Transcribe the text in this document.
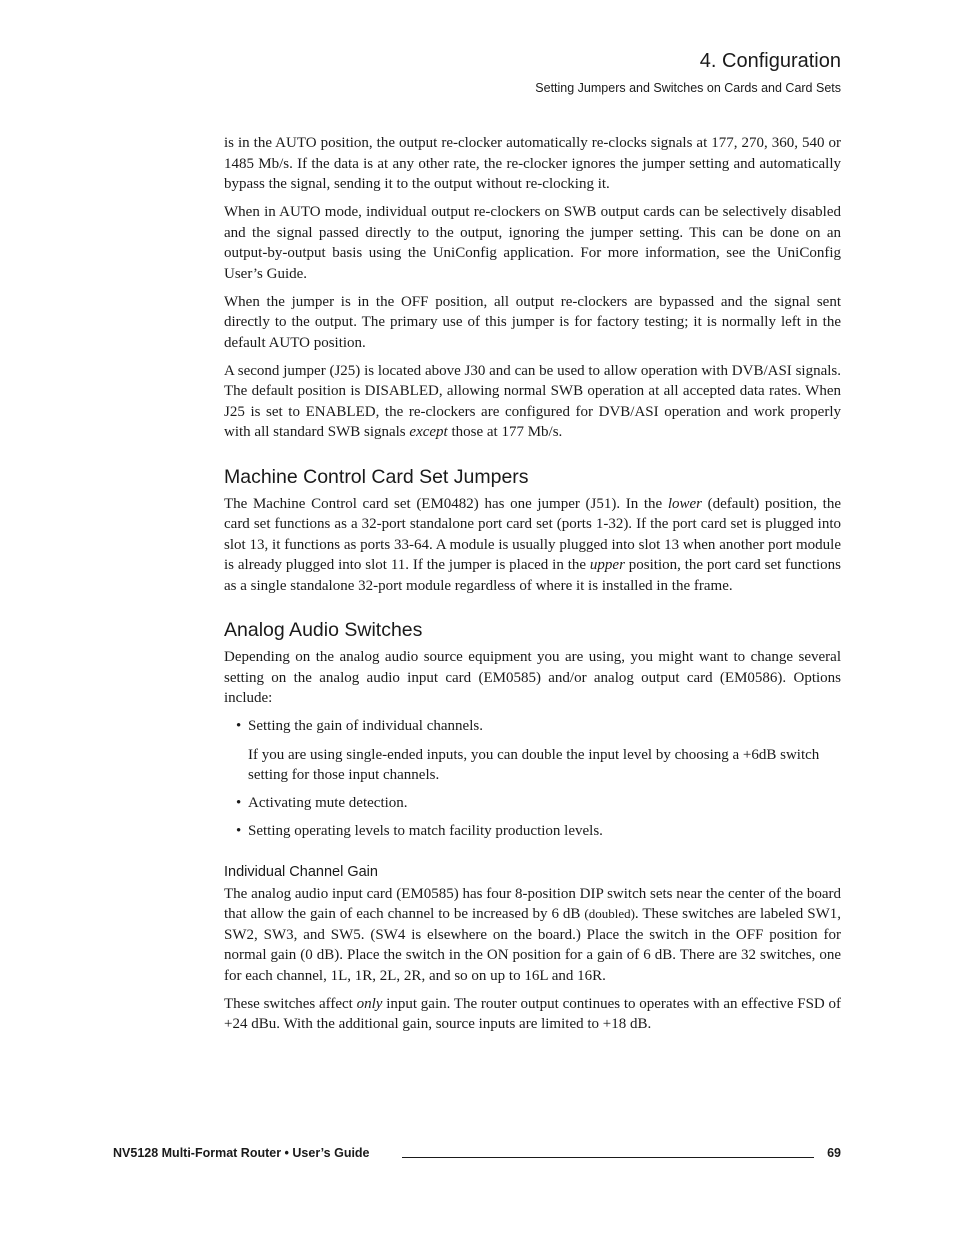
4. Configuration
Setting Jumpers and Switches on Cards and Card Sets

is in the AUTO position, the output re-clocker automatically re-clocks signals at 177, 270, 360, 540 or 1485 Mb/s. If the data is at any other rate, the re-clocker ignores the jumper setting and automatically bypass the signal, sending it to the output without re-clocking it.

When in AUTO mode, individual output re-clockers on SWB output cards can be selectively disabled and the signal passed directly to the output, ignoring the jumper setting. This can be done on an output-by-output basis using the UniConfig application. For more information, see the UniConfig User’s Guide.

When the jumper is in the OFF position, all output re-clockers are bypassed and the signal sent directly to the output. The primary use of this jumper is for factory testing; it is normally left in the default AUTO position.

A second jumper (J25) is located above J30 and can be used to allow operation with DVB/ASI signals. The default position is DISABLED, allowing normal SWB operation at all accepted data rates. When J25 is set to ENABLED, the re-clockers are configured for DVB/ASI operation and work properly with all standard SWB signals except those at 177 Mb/s.

Machine Control Card Set Jumpers

The Machine Control card set (EM0482) has one jumper (J51). In the lower (default) position, the card set functions as a 32-port standalone port card set (ports 1-32). If the port card set is plugged into slot 13, it functions as ports 33-64. A module is usually plugged into slot 13 when another port module is already plugged into slot 11. If the jumper is placed in the upper position, the port card set functions as a single standalone 32-port module regardless of where it is installed in the frame.

Analog Audio Switches

Depending on the analog audio source equipment you are using, you might want to change several setting on the analog audio input card (EM0585) and/or analog output card (EM0586). Options include:

• Setting the gain of individual channels.

If you are using single-ended inputs, you can double the input level by choosing a +6dB switch setting for those input channels.

• Activating mute detection.
• Setting operating levels to match facility production levels.
Individual Channel Gain

The analog audio input card (EM0585) has four 8-position DIP switch sets near the center of the board that allow the gain of each channel to be increased by 6 dB (doubled). These switches are labeled SW1, SW2, SW3, and SW5. (SW4 is elsewhere on the board.) Place the switch in the OFF position for normal gain (0 dB). Place the switch in the ON position for a gain of 6 dB. There are 32 switches, one for each channel, 1L, 1R, 2L, 2R, and so on up to 16L and 16R.

These switches affect only input gain. The router output continues to operates with an effective FSD of +24 dBu. With the additional gain, source inputs are limited to +18 dB.

NV5128 Multi-Format Router • User’s Guide	69
